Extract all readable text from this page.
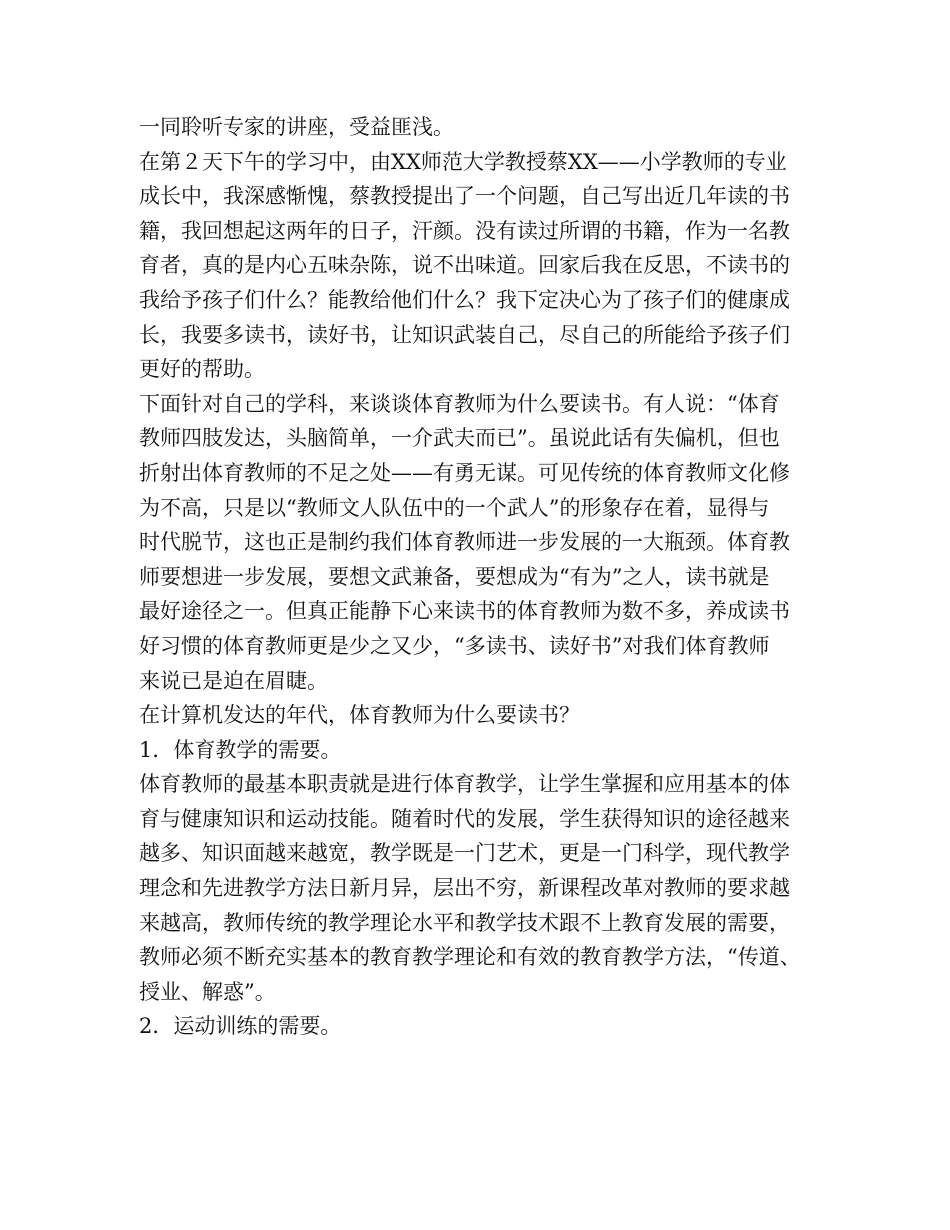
一同聆听专家的讲座，受益匪浅。

在第２天下午的学习中，由XX师范大学教授蔡XX——小学教师的专业
成长中，我深感惭愧，蔡教授提出了一个问题，自己写出近几年读的书
籍，我回想起这两年的日子，汗颜。没有读过所谓的书籍，作为一名教
育者，真的是内心五味杂陈，说不出味道。回家后我在反思，不读书的
我给予孩子们什么？能教给他们什么？我下定决心为了孩子们的健康成
长，我要多读书，读好书，让知识武装自己，尽自己的所能给予孩子们
更好的帮助。

下面针对自己的学科，来谈谈体育教师为什么要读书。有人说：“体育
教师四肢发达，头脑简单，一介武夫而已”。虽说此话有失偏机，但也
折射出体育教师的不足之处——有勇无谋。可见传统的体育教师文化修
为不高，只是以“教师文人队伍中的一个武人”的形象存在着，显得与
时代脱节，这也正是制约我们体育教师进一步发展的一大瓶颈。体育教
师要想进一步发展，要想文武兼备，要想成为“有为”之人，读书就是
最好途径之一。但真正能静下心来读书的体育教师为数不多，养成读书
好习惯的体育教师更是少之又少，“多读书、读好书”对我们体育教师
来说已是迫在眉睫。

在计算机发达的年代，体育教师为什么要读书？

1．体育教学的需要。

体育教师的最基本职责就是进行体育教学，让学生掌握和应用基本的体
育与健康知识和运动技能。随着时代的发展，学生获得知识的途径越来
越多、知识面越来越宽，教学既是一门艺术，更是一门科学，现代教学
理念和先进教学方法日新月异，层出不穷，新课程改革对教师的要求越
来越高，教师传统的教学理论水平和教学技术跟不上教育发展的需要，
教师必须不断充实基本的教育教学理论和有效的教育教学方法，“传道、
授业、解惑”。

2．运动训练的需要。
